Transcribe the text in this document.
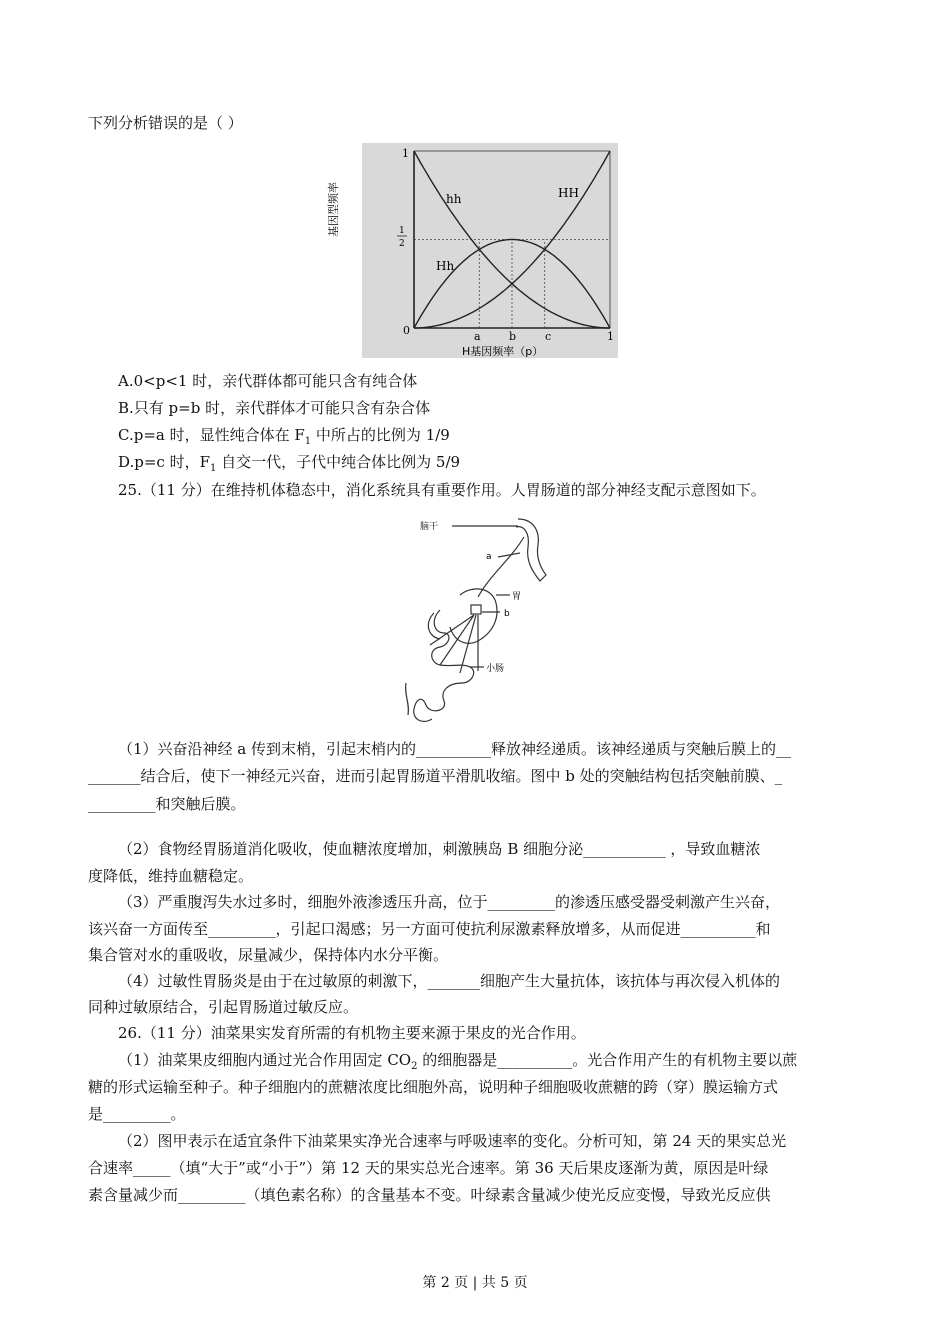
下列分析错误的是（ ）
1
1
2
0	a	b	c	1
H基因频率（p）
基因型频率	hh
Hh
HH
A.0<p<1 时，亲代群体都可能只含有纯合体
B.只有 p=b 时，亲代群体才可能只含有杂合体
C.p=a 时，显性纯合体在 $F_1$ 中所占的比例为 1/9
D.p=c 时，$F_1$ 自交一代，子代中纯合体比例为 5/9
25.（11 分）在维持机体稳态中，消化系统具有重要作用。人胃肠道的部分神经支配示意图如下。
脑干
a
胃
b
小肠
（1）兴奋沿神经 a 传到末梢，引起末梢内的__________释放神经递质。该神经递质与突触后膜上的__
_______结合后，使下一神经元兴奋，进而引起胃肠道平滑肌收缩。图中 b 处的突触结构包括突触前膜、_
_________和突触后膜。
（2）食物经胃肠道消化吸收，使血糖浓度增加，刺激胰岛 B 细胞分泌___________ ，导致血糖浓
度降低，维持血糖稳定。
（3）严重腹泻失水过多时，细胞外液渗透压升高，位于_________的渗透压感受器受刺激产生兴奋，
该兴奋一方面传至_________，引起口渴感；另一方面可使抗利尿激素释放增多，从而促进__________和
集合管对水的重吸收，尿量减少，保持体内水分平衡。
（4）过敏性胃肠炎是由于在过敏原的刺激下，_______细胞产生大量抗体，该抗体与再次侵入机体的
同种过敏原结合，引起胃肠道过敏反应。
26.（11 分）油菜果实发育所需的有机物主要来源于果皮的光合作用。
（1）油菜果皮细胞内通过光合作用固定 $CO_2$ 的细胞器是__________。光合作用产生的有机物主要以蔗
糖的形式运输至种子。种子细胞内的蔗糖浓度比细胞外高，说明种子细胞吸收蔗糖的跨（穿）膜运输方式
是_________。
（2）图甲表示在适宜条件下油菜果实净光合速率与呼吸速率的变化。分析可知，第 24 天的果实总光
合速率_____（填“大于”或“小于”）第 12 天的果实总光合速率。第 36 天后果皮逐渐为黄，原因是叶绿
素含量减少而_________（填色素名称）的含量基本不变。叶绿素含量减少使光反应变慢，导致光反应供
第 2 页 | 共 5 页
